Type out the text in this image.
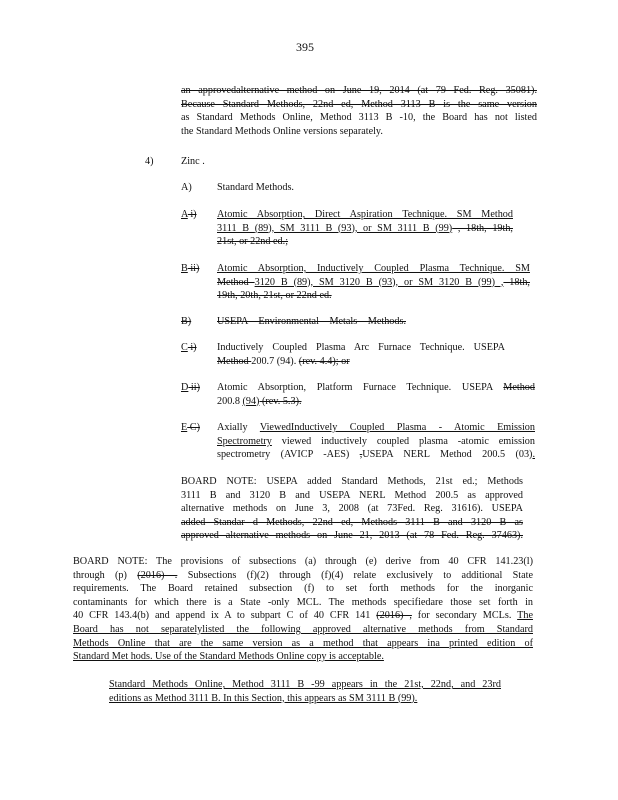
395
an approvedalternative method on June 19, 2014 (at 79 Fed. Reg. 35081).
Because Standard Methods, 22nd ed, Method 3113 B is the same version
as Standard Methods Online, Method 3113 B -10, the Board has not listed
the Standard Methods Online versions separately.
4)	Zinc .
A) Standard Methods.
A i) Atomic Absorption, Direct Aspiration Technique. SM Method
3111 B (89), SM 3111 B (93), or SM 3111 B (99) , 18th, 19th,
21st, or 22nd ed.;
B ii) Atomic Absorption, Inductively Coupled Plasma Technique. SM
Method 3120 B (89), SM 3120 B (93), or SM 3120 B (99) , 18th,
19th, 20th, 21st, or 22nd ed.
B)	USEPA Environmental Metals Methods.
C i) Inductively Coupled Plasma Arc Furnace Technique. USEPA
Method 200.7 (94). (rev. 4.4); or
D ii) Atomic Absorption, Platform Furnace Technique. USEPA Method
200.8 (94) (rev. 5.3).
E C) Axially ViewedInductively Coupled Plasma - Atomic Emission
Spectrometry viewed inductively coupled plasma -atomic emission
spectrometry (AVICP -AES) ,USEPA NERL Method 200.5 (03).
BOARD NOTE: USEPA added Standard Methods, 21st ed.; Methods
3111 B and 3120 B and USEPA NERL Method 200.5 as approved
alternative methods on June 3, 2008 (at 73Fed. Reg. 31616). USEPA
added Standar d Methods, 22nd ed, Methods 3111 B and 3120 B as
approved alternative methods on June 21, 2013 (at 78 Fed. Reg. 37463).
BOARD NOTE: The provisions of subsections (a) through (e) derive from 40 CFR 141.23(l)
through (p) (2016) . Subsections (f)(2) through (f)(4) relate exclusively to additional State
requirements. The Board retained subsection (f) to set forth methods for the inorganic
contaminants for which there is a State -only MCL. The methods specifiedare those set forth in
40 CFR 143.4(b) and append ix A to subpart C of 40 CFR 141 (2016) , for secondary MCLs. The
Board has not separatelylisted the following approved alternative methods from Standard
Methods Online that are the same version as a method that appears ina printed edition of
Standard Met hods. Use of the Standard Methods Online copy is acceptable.
Standard Methods Online, Method 3111 B -99 appears in the 21st, 22nd, and 23rd
editions as Method 3111 B. In this Section, this appears as SM 3111 B (99).
